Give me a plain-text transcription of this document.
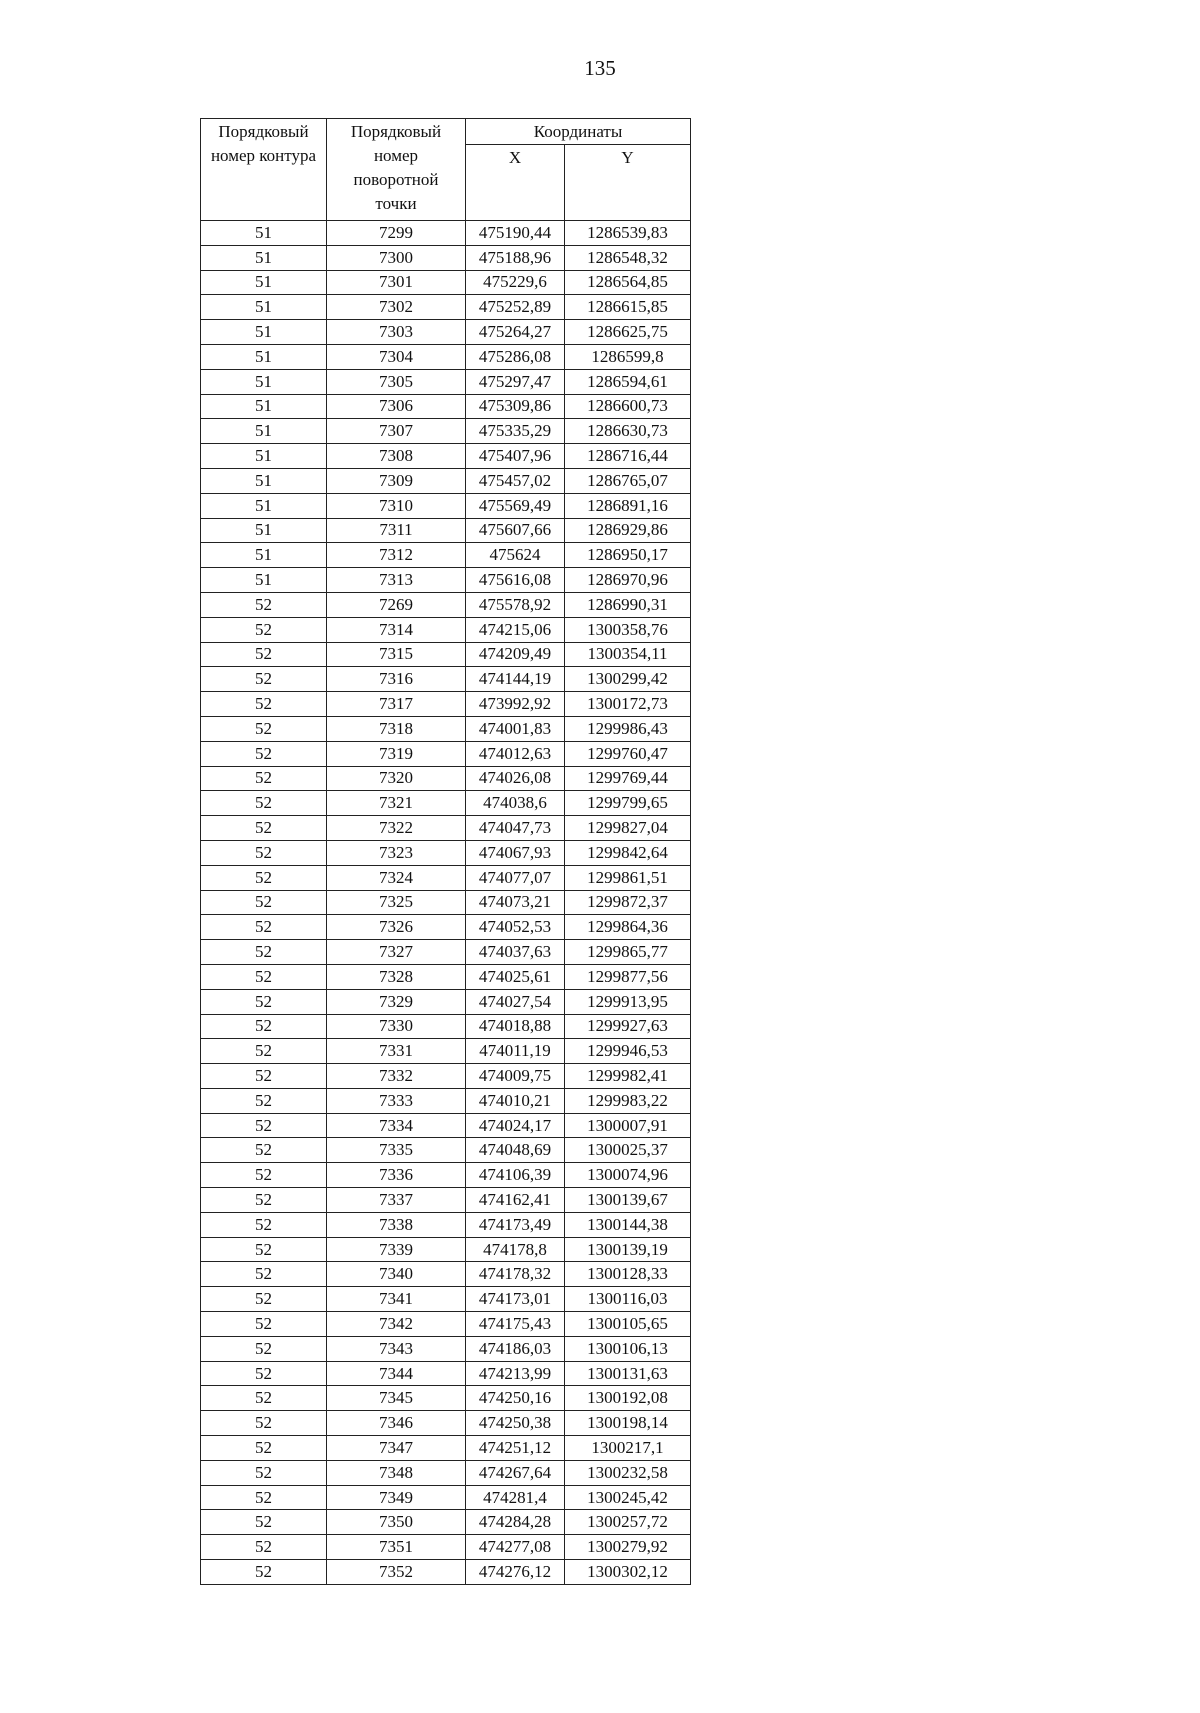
135
Порядковый номер контура	Порядковый номер поворотной точки	Координаты	
		X	Y
51	7299	475190,44	1286539,83
51	7300	475188,96	1286548,32
51	7301	475229,6	1286564,85
51	7302	475252,89	1286615,85
51	7303	475264,27	1286625,75
51	7304	475286,08	1286599,8
51	7305	475297,47	1286594,61
51	7306	475309,86	1286600,73
51	7307	475335,29	1286630,73
51	7308	475407,96	1286716,44
51	7309	475457,02	1286765,07
51	7310	475569,49	1286891,16
51	7311	475607,66	1286929,86
51	7312	475624	1286950,17
51	7313	475616,08	1286970,96
52	7269	475578,92	1286990,31
52	7314	474215,06	1300358,76
52	7315	474209,49	1300354,11
52	7316	474144,19	1300299,42
52	7317	473992,92	1300172,73
52	7318	474001,83	1299986,43
52	7319	474012,63	1299760,47
52	7320	474026,08	1299769,44
52	7321	474038,6	1299799,65
52	7322	474047,73	1299827,04
52	7323	474067,93	1299842,64
52	7324	474077,07	1299861,51
52	7325	474073,21	1299872,37
52	7326	474052,53	1299864,36
52	7327	474037,63	1299865,77
52	7328	474025,61	1299877,56
52	7329	474027,54	1299913,95
52	7330	474018,88	1299927,63
52	7331	474011,19	1299946,53
52	7332	474009,75	1299982,41
52	7333	474010,21	1299983,22
52	7334	474024,17	1300007,91
52	7335	474048,69	1300025,37
52	7336	474106,39	1300074,96
52	7337	474162,41	1300139,67
52	7338	474173,49	1300144,38
52	7339	474178,8	1300139,19
52	7340	474178,32	1300128,33
52	7341	474173,01	1300116,03
52	7342	474175,43	1300105,65
52	7343	474186,03	1300106,13
52	7344	474213,99	1300131,63
52	7345	474250,16	1300192,08
52	7346	474250,38	1300198,14
52	7347	474251,12	1300217,1
52	7348	474267,64	1300232,58
52	7349	474281,4	1300245,42
52	7350	474284,28	1300257,72
52	7351	474277,08	1300279,92
52	7352	474276,12	1300302,12
